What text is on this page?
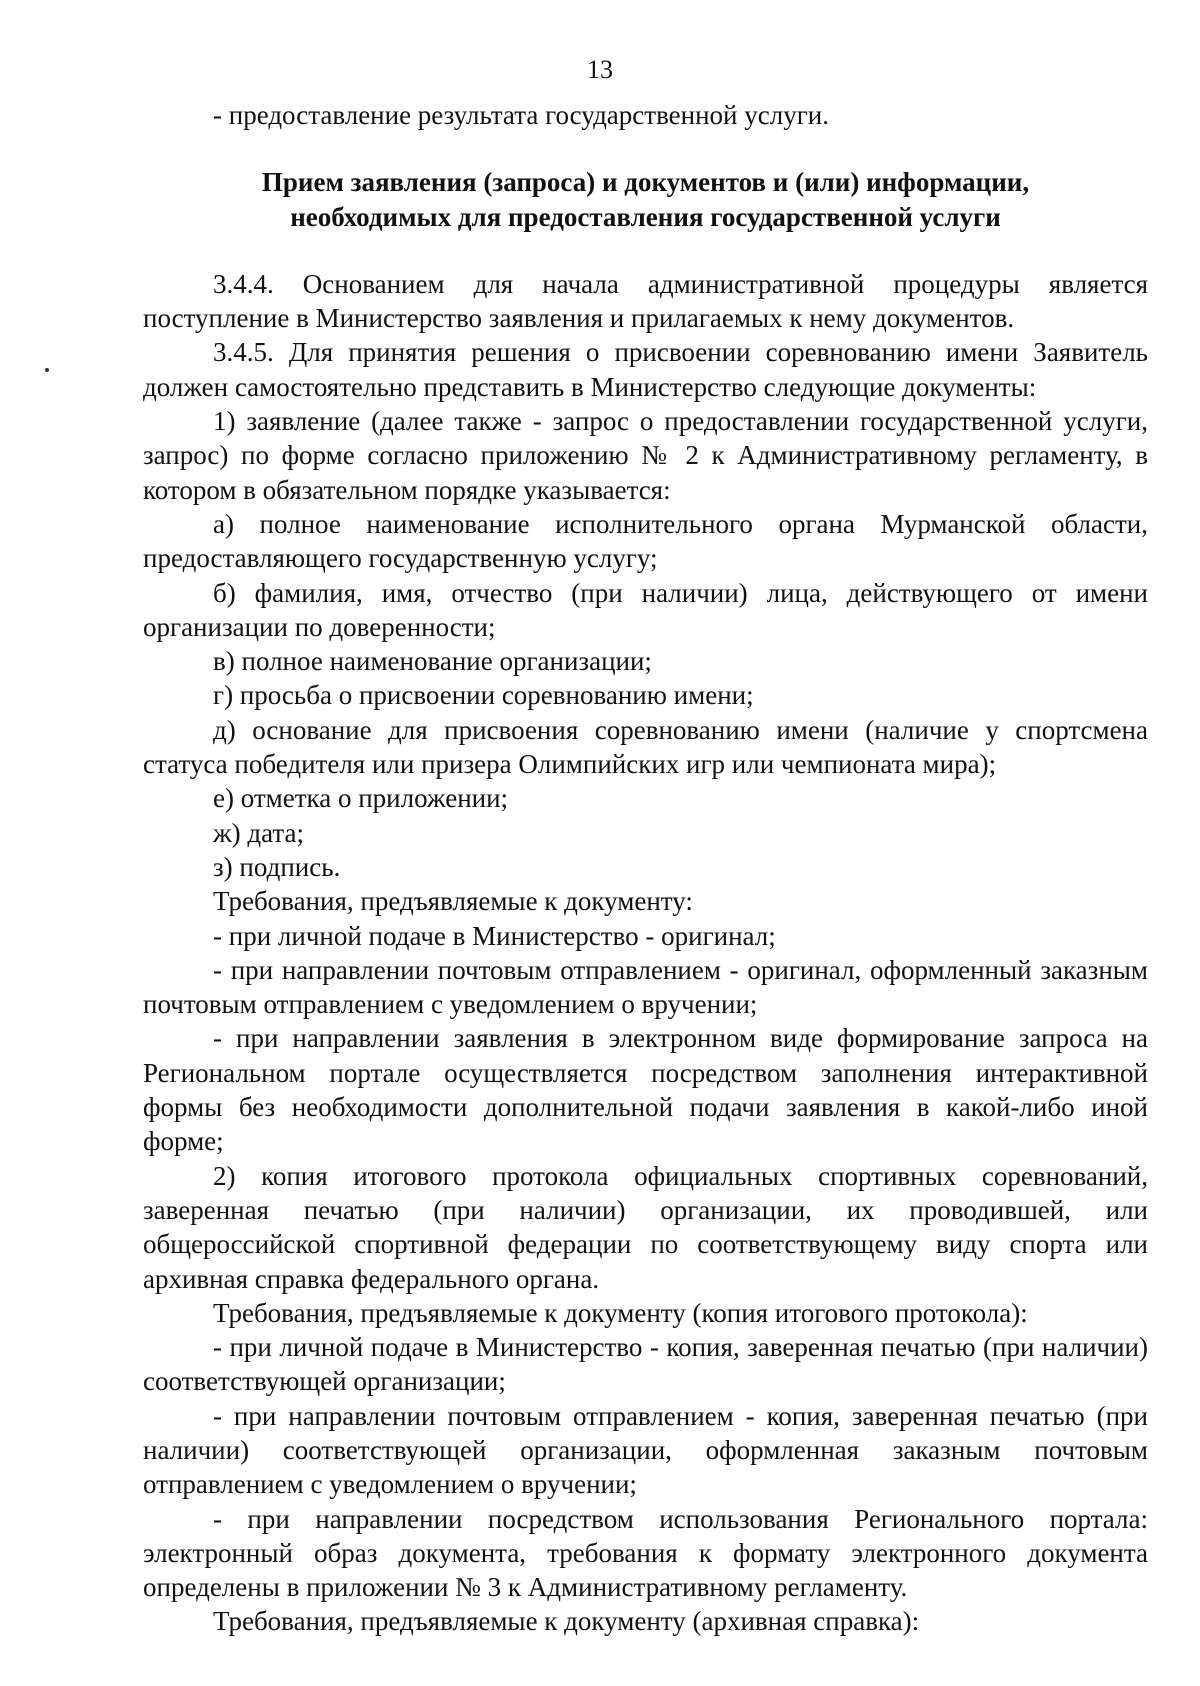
13

- предоставление результата государственной услуги.

Прием заявления (запроса) и документов и (или) информации,

необходимых для предоставления государственной услуги

3.4.4. Основанием для начала административной процедуры является поступление в Министерство заявления и прилагаемых к нему документов.

3.4.5. Для принятия решения о присвоении соревнованию имени Заявитель должен самостоятельно представить в Министерство следующие документы:

1) заявление (далее также - запрос о предоставлении государственной услуги, запрос) по форме согласно приложению № 2 к Административному регламенту, в котором в обязательном порядке указывается:

а) полное наименование исполнительного органа Мурманской области, предоставляющего государственную услугу;

б) фамилия, имя, отчество (при наличии) лица, действующего от имени организации по доверенности;

в) полное наименование организации;

г) просьба о присвоении соревнованию имени;

д) основание для присвоения соревнованию имени (наличие у спортсмена статуса победителя или призера Олимпийских игр или чемпионата мира);

е) отметка о приложении;

ж) дата;

з) подпись.

Требования, предъявляемые к документу:

- при личной подаче в Министерство - оригинал;

- при направлении почтовым отправлением - оригинал, оформленный заказным почтовым отправлением с уведомлением о вручении;

- при направлении заявления в электронном виде формирование запроса на Региональном портале осуществляется посредством заполнения интерактивной формы без необходимости дополнительной подачи заявления в какой-либо иной форме;

2) копия итогового протокола официальных спортивных соревнований, заверенная печатью (при наличии) организации, их проводившей, или общероссийской спортивной федерации по соответствующему виду спорта или архивная справка федерального органа.

Требования, предъявляемые к документу (копия итогового протокола):

- при личной подаче в Министерство - копия, заверенная печатью (при наличии) соответствующей организации;

- при направлении почтовым отправлением - копия, заверенная печатью (при наличии) соответствующей организации, оформленная заказным почтовым отправлением с уведомлением о вручении;

- при направлении посредством использования Регионального портала: электронный образ документа, требования к формату электронного документа определены в приложении № 3 к Административному регламенту.

Требования, предъявляемые к документу (архивная справка):
